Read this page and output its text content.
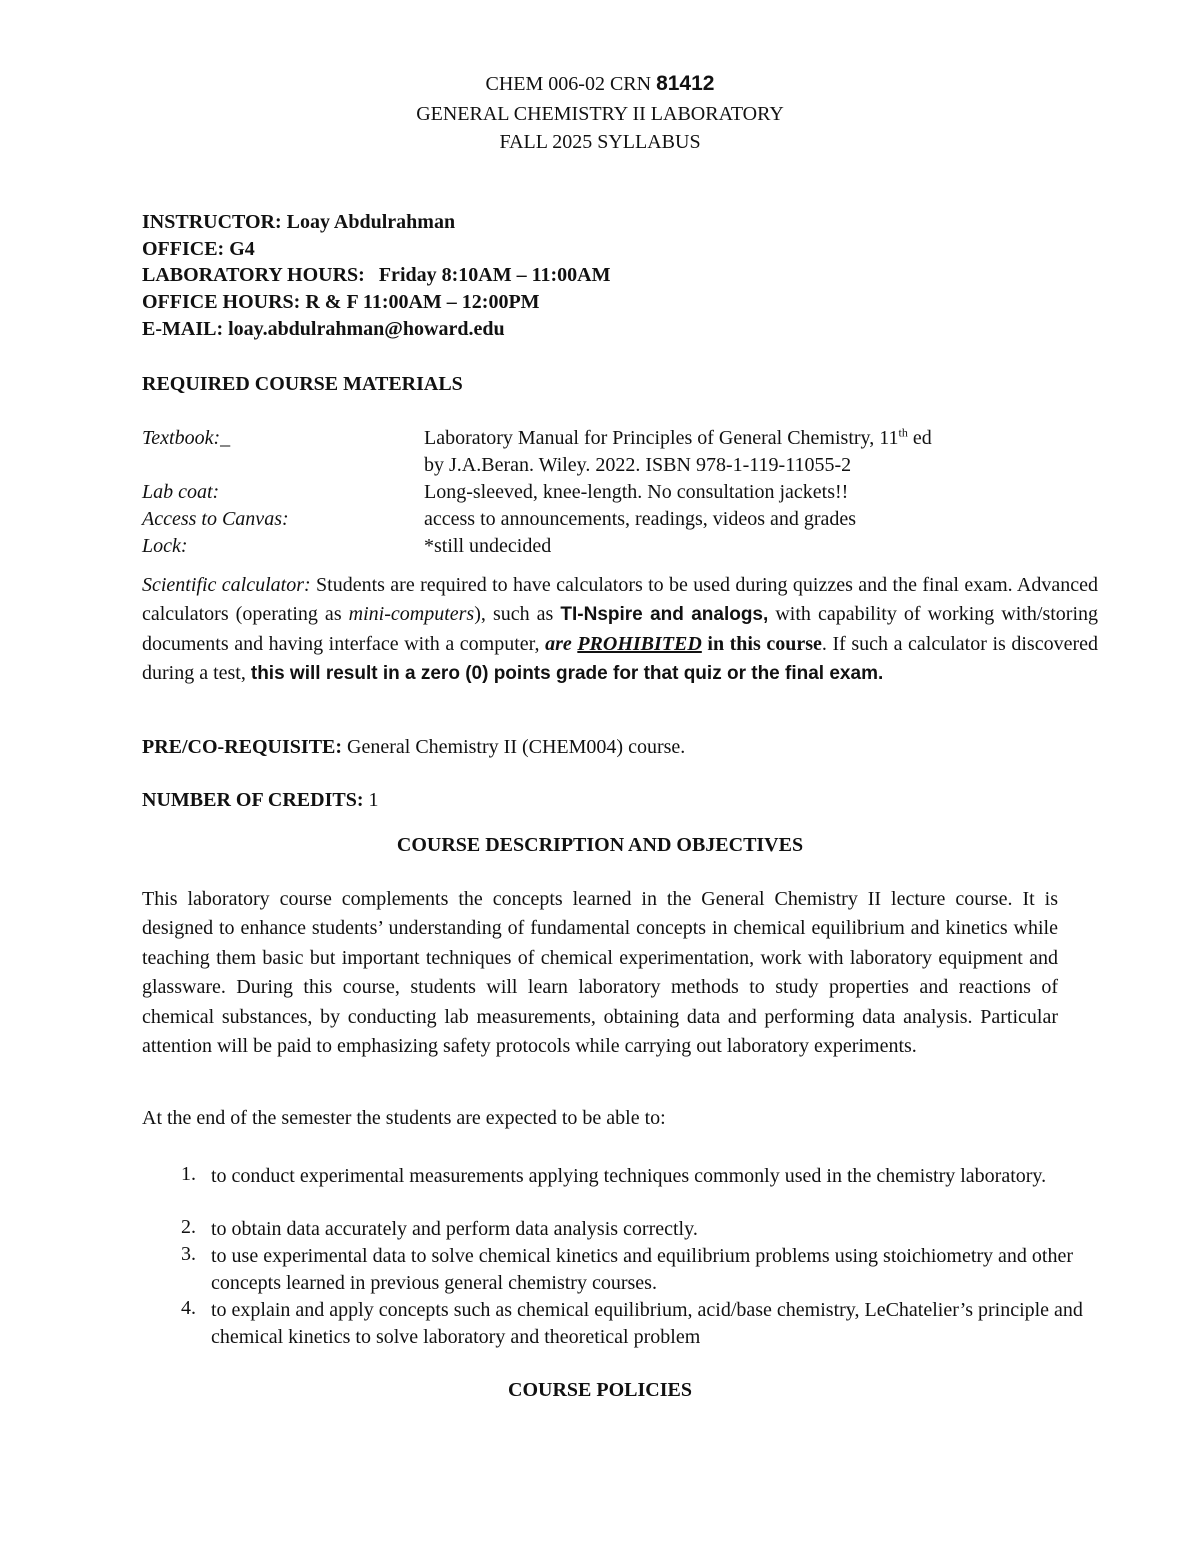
CHEM 006-02 CRN 81412
GENERAL CHEMISTRY II LABORATORY
FALL 2025 SYLLABUS
INSTRUCTOR: Loay Abdulrahman
OFFICE: G4
LABORATORY HOURS: Friday 8:10AM – 11:00AM
OFFICE HOURS: R & F 11:00AM – 12:00PM
E-MAIL: loay.abdulrahman@howard.edu
REQUIRED COURSE MATERIALS
Textbook:_	Laboratory Manual for Principles of General Chemistry, 11th ed
by J.A.Beran. Wiley. 2022. ISBN 978-1-119-11055-2
Lab coat:	Long-sleeved, knee-length. No consultation jackets!!
Access to Canvas:	access to announcements, readings, videos and grades
Lock:	*still undecided
Scientific calculator: Students are required to have calculators to be used during quizzes and the final exam. Advanced calculators (operating as mini-computers), such as TI-Nspire and analogs, with capability of working with/storing documents and having interface with a computer, are PROHIBITED in this course. If such a calculator is discovered during a test, this will result in a zero (0) points grade for that quiz or the final exam.
PRE/CO-REQUISITE: General Chemistry II (CHEM004) course.
NUMBER OF CREDITS: 1
COURSE DESCRIPTION AND OBJECTIVES
This laboratory course complements the concepts learned in the General Chemistry II lecture course. It is designed to enhance students’ understanding of fundamental concepts in chemical equilibrium and kinetics while teaching them basic but important techniques of chemical experimentation, work with laboratory equipment and glassware. During this course, students will learn laboratory methods to study properties and reactions of chemical substances, by conducting lab measurements, obtaining data and performing data analysis. Particular attention will be paid to emphasizing safety protocols while carrying out laboratory experiments.
At the end of the semester the students are expected to be able to:
1. to conduct experimental measurements applying techniques commonly used in the chemistry laboratory.
2. to obtain data accurately and perform data analysis correctly.
3. to use experimental data to solve chemical kinetics and equilibrium problems using stoichiometry and other concepts learned in previous general chemistry courses.
4. to explain and apply concepts such as chemical equilibrium, acid/base chemistry, LeChatelier’s principle and chemical kinetics to solve laboratory and theoretical problem
COURSE POLICIES
